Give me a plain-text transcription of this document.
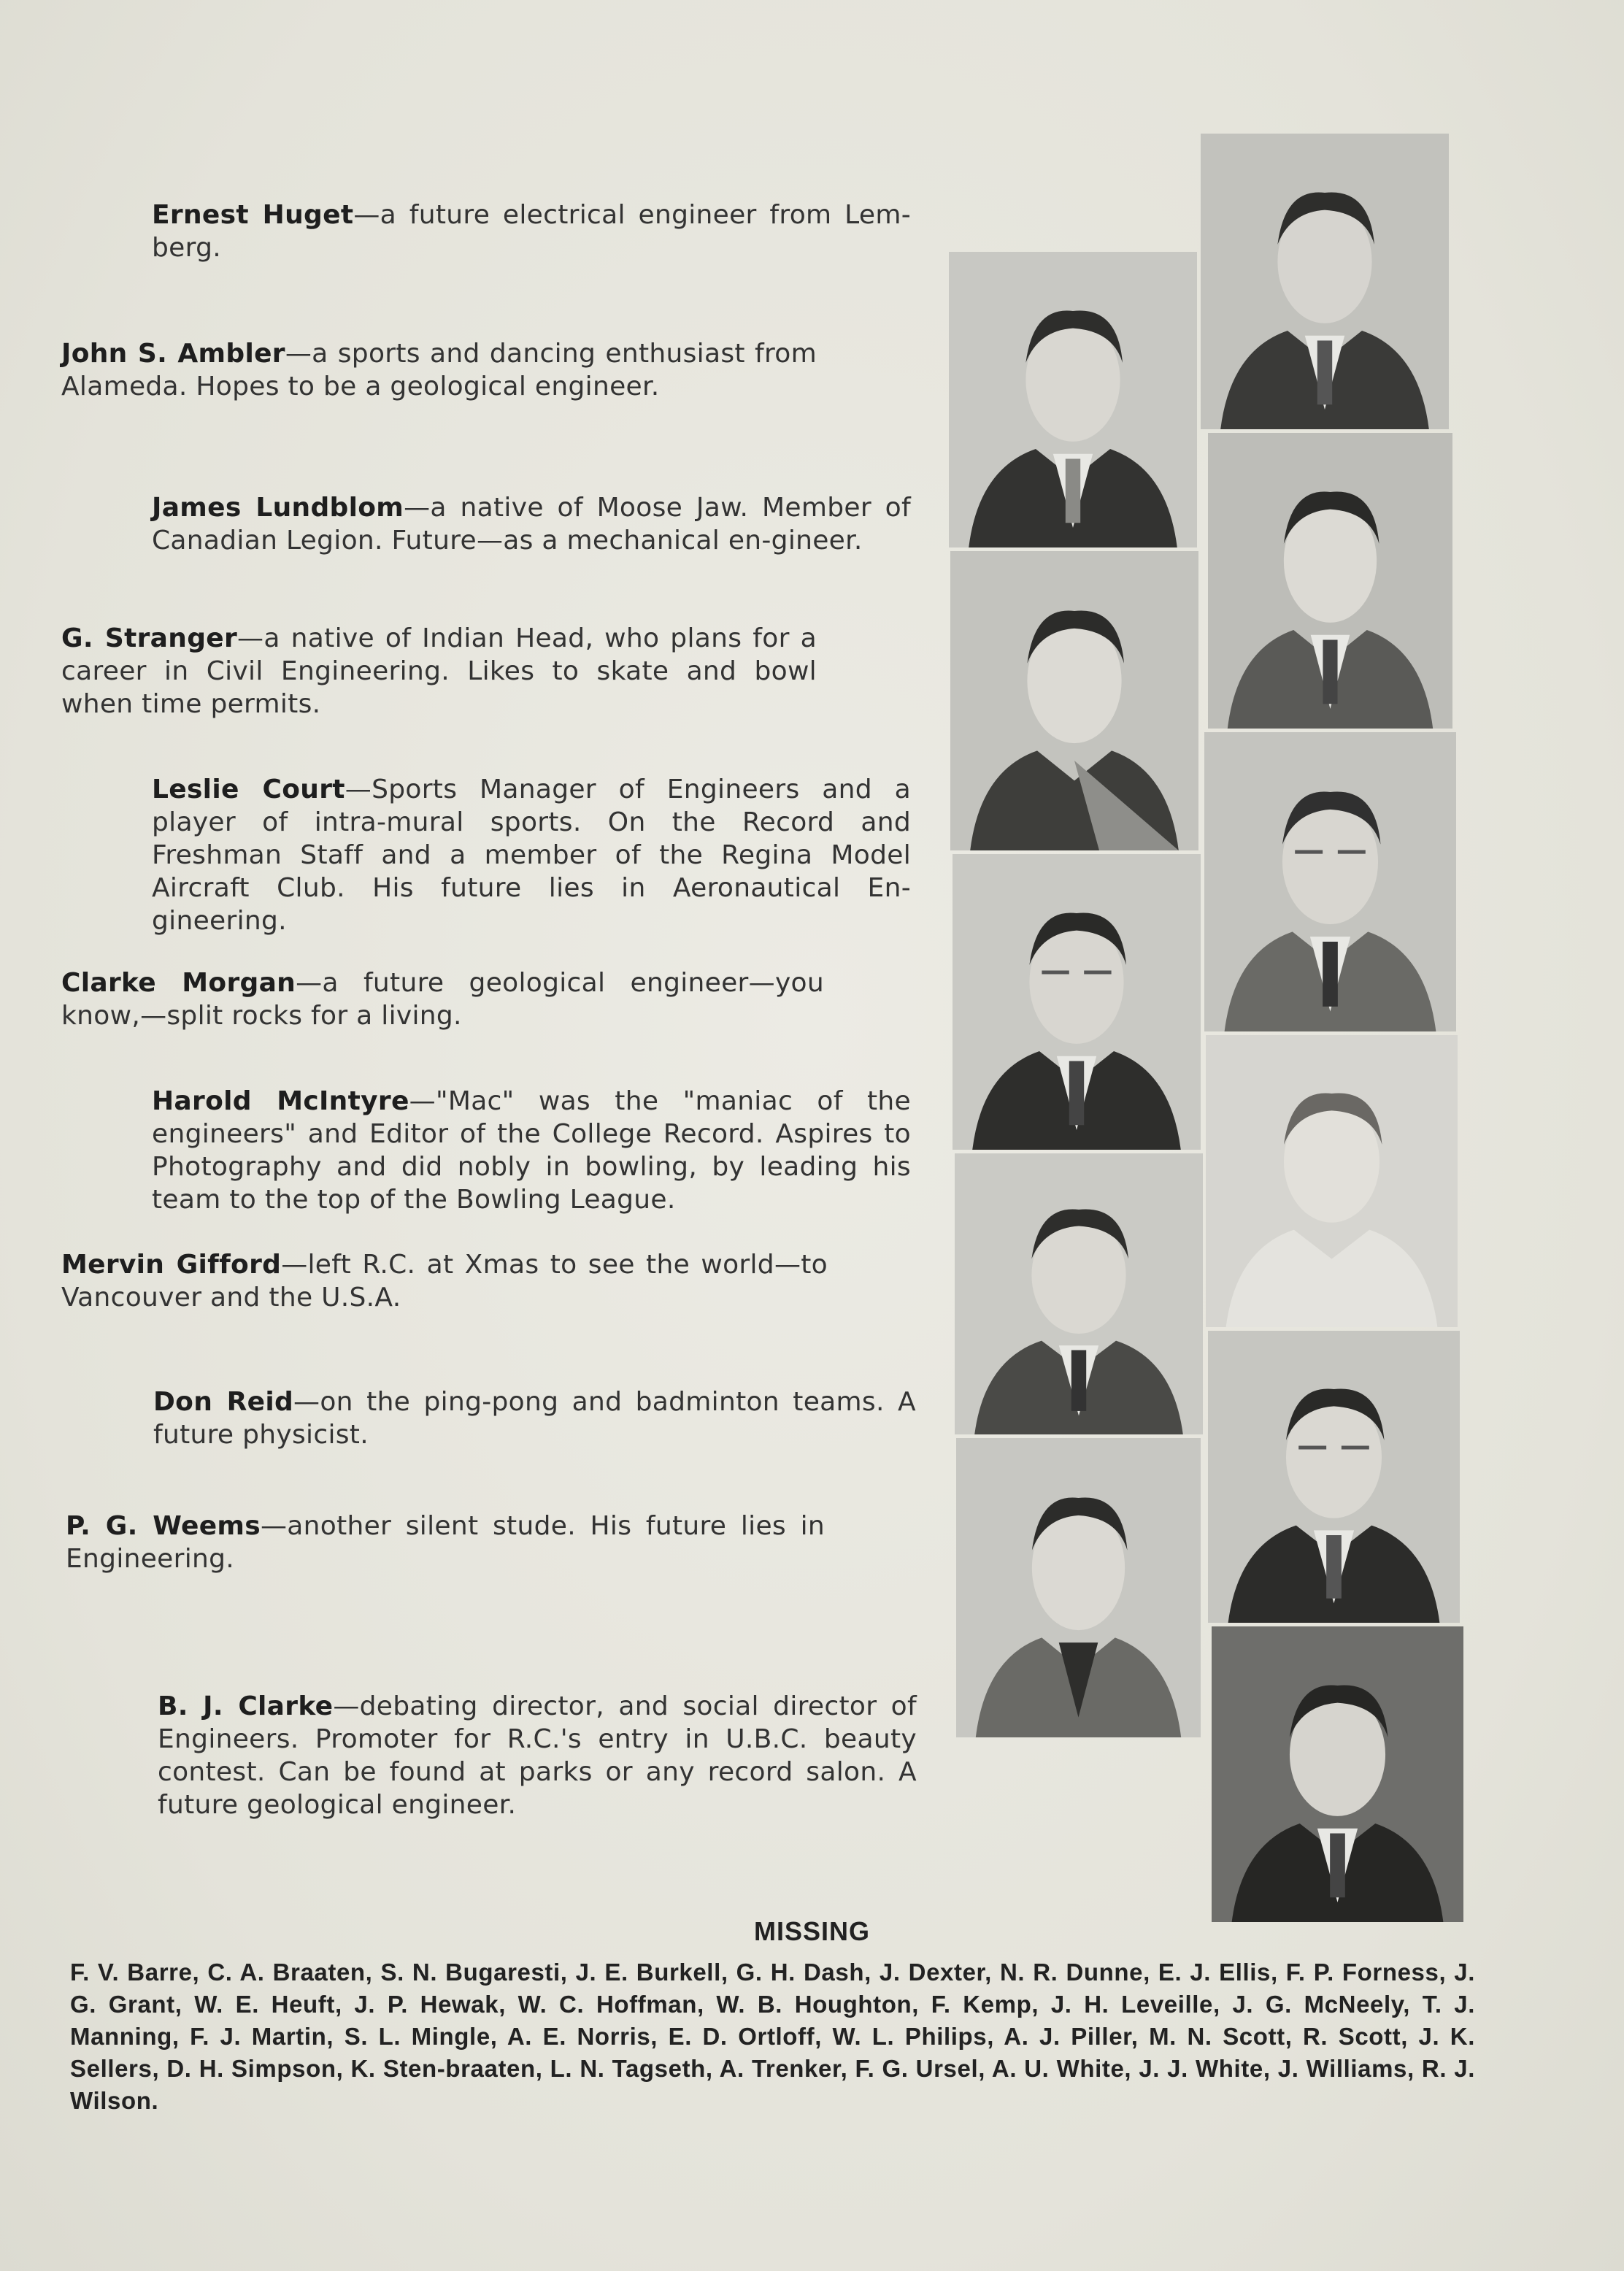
Ernest Huget—a future electrical engineer from Lem-berg.
John S. Ambler—a sports and dancing enthusiast from Alameda. Hopes to be a geological engineer.
James Lundblom—a native of Moose Jaw. Member of Canadian Legion. Future—as a mechanical en-gineer.
G. Stranger—a native of Indian Head, who plans for a career in Civil Engineering. Likes to skate and bowl when time permits.
Leslie Court—Sports Manager of Engineers and a player of intra-mural sports. On the Record and Freshman Staff and a member of the Regina Model Aircraft Club. His future lies in Aeronautical En-gineering.
Clarke Morgan—a future geological engineer—you know,—split rocks for a living.
Harold McIntyre—"Mac" was the "maniac of the engineers" and Editor of the College Record. Aspires to Photography and did nobly in bowling, by leading his team to the top of the Bowling League.
Mervin Gifford—left R.C. at Xmas to see the world—to Vancouver and the U.S.A.
Don Reid—on the ping-pong and badminton teams. A future physicist.
P. G. Weems—another silent stude. His future lies in Engineering.
B. J. Clarke—debating director, and social director of Engineers. Promoter for R.C.'s entry in U.B.C. beauty contest. Can be found at parks or any record salon. A future geological engineer.
MISSING
F. V. Barre, C. A. Braaten, S. N. Bugaresti, J. E. Burkell, G. H. Dash, J. Dexter, N. R. Dunne, E. J. Ellis, F. P. Forness, J. G. Grant, W. E. Heuft, J. P. Hewak, W. C. Hoffman, W. B. Houghton, F. Kemp, J. H. Leveille, J. G. McNeely, T. J. Manning, F. J. Martin, S. L. Mingle, A. E. Norris, E. D. Ortloff, W. L. Philips, A. J. Piller, M. N. Scott, R. Scott, J. K. Sellers, D. H. Simpson, K. Sten-braaten, L. N. Tagseth, A. Trenker, F. G. Ursel, A. U. White, J. J. White, J. Williams, R. J. Wilson.
